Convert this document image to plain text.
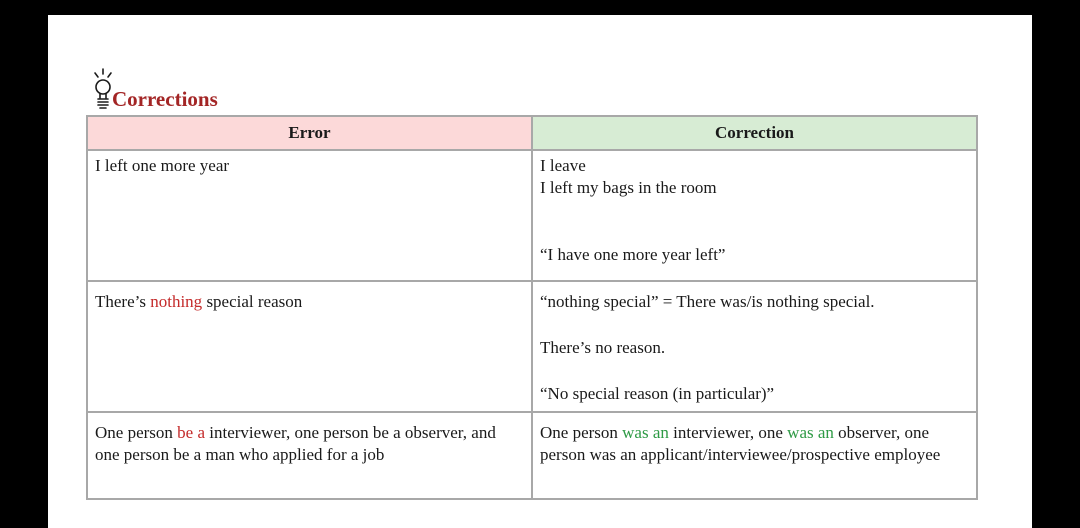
Corrections
Error	Correction
I left one more year	I leave
I left my bags in the room
“I have one more year left”

There’s nothing special reason	“nothing special” = There was/is nothing special.
There’s no reason.
“No special reason (in particular)”

One person be a interviewer, one person be a observer, and one person be a man who applied for a job	One person was an interviewer, one was an observer, one person was an applicant/interviewee/prospective employee
